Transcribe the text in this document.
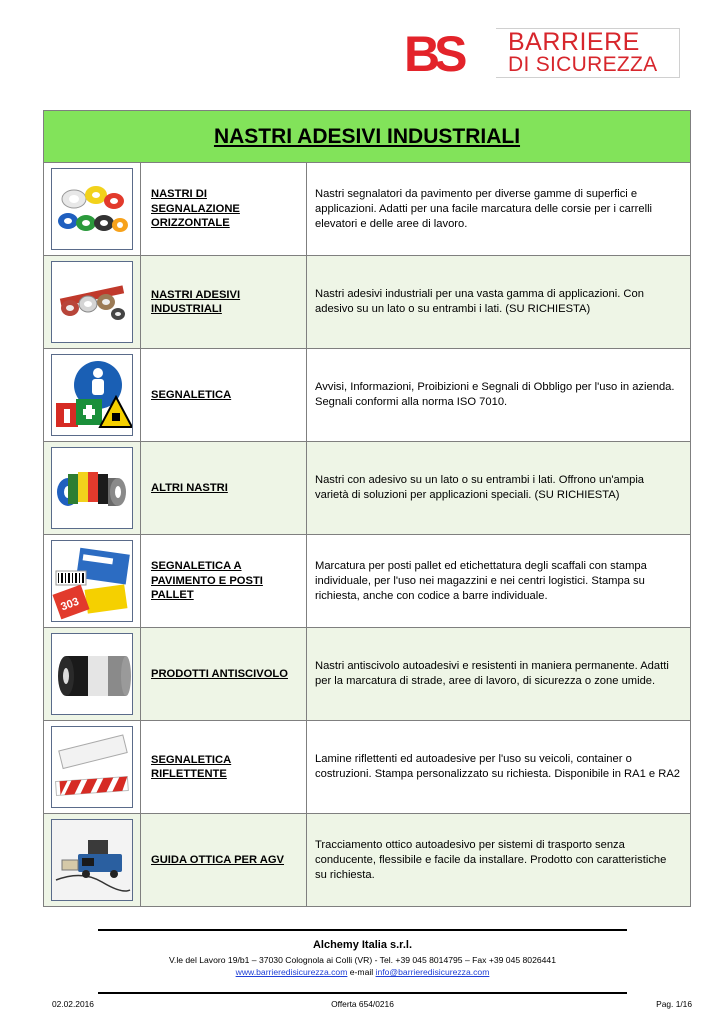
BS	BARRIERE
DI SICUREZZA
NASTRI ADESIVI INDUSTRIALI
NASTRI DI
SEGNALAZIONE
ORIZZONTALE
Nastri segnalatori da pavimento per diverse gamme di superfici e applicazioni. Adatti per una facile marcatura delle corsie per i carrelli elevatori e delle aree di lavoro.
NASTRI ADESIVI
INDUSTRIALI
Nastri adesivi industriali per una vasta gamma di applicazioni. Con adesivo su un lato o su entrambi i lati. (SU RICHIESTA)
SEGNALETICA
Avvisi, Informazioni, Proibizioni e Segnali di Obbligo per l'uso in azienda. Segnali conformi alla norma ISO 7010.
ALTRI NASTRI
Nastri con adesivo su un lato o su entrambi i lati. Offrono un'ampia varietà di soluzioni per applicazioni speciali. (SU RICHIESTA)
303
SEGNALETICA A
PAVIMENTO E POSTI
PALLET
Marcatura per posti pallet ed etichettatura degli scaffali con stampa individuale, per l'uso nei magazzini e nei centri logistici. Stampa su richiesta, anche con codice a barre individuale.
PRODOTTI ANTISCIVOLO
Nastri antiscivolo autoadesivi e resistenti in maniera permanente. Adatti per la marcatura di strade, aree di lavoro, di sicurezza o zone umide.
SEGNALETICA
RIFLETTENTE
Lamine riflettenti ed autoadesive per l'uso su veicoli, container o costruzioni. Stampa personalizzato su richiesta. Disponibile in RA1 e RA2
GUIDA OTTICA PER AGV
Tracciamento ottico autoadesivo per sistemi di trasporto senza conducente, flessibile e facile da installare. Prodotto con caratteristiche su richiesta.
Alchemy Italia s.r.l.
V.le del Lavoro 19/b1 – 37030 Colognola ai Colli (VR) - Tel. +39 045 8014795 – Fax +39 045 8026441
www.barrieredisicurezza.com e-mail info@barrieredisicurezza.com
02.02.2016	Offerta 654/0216	Pag. 1/16
